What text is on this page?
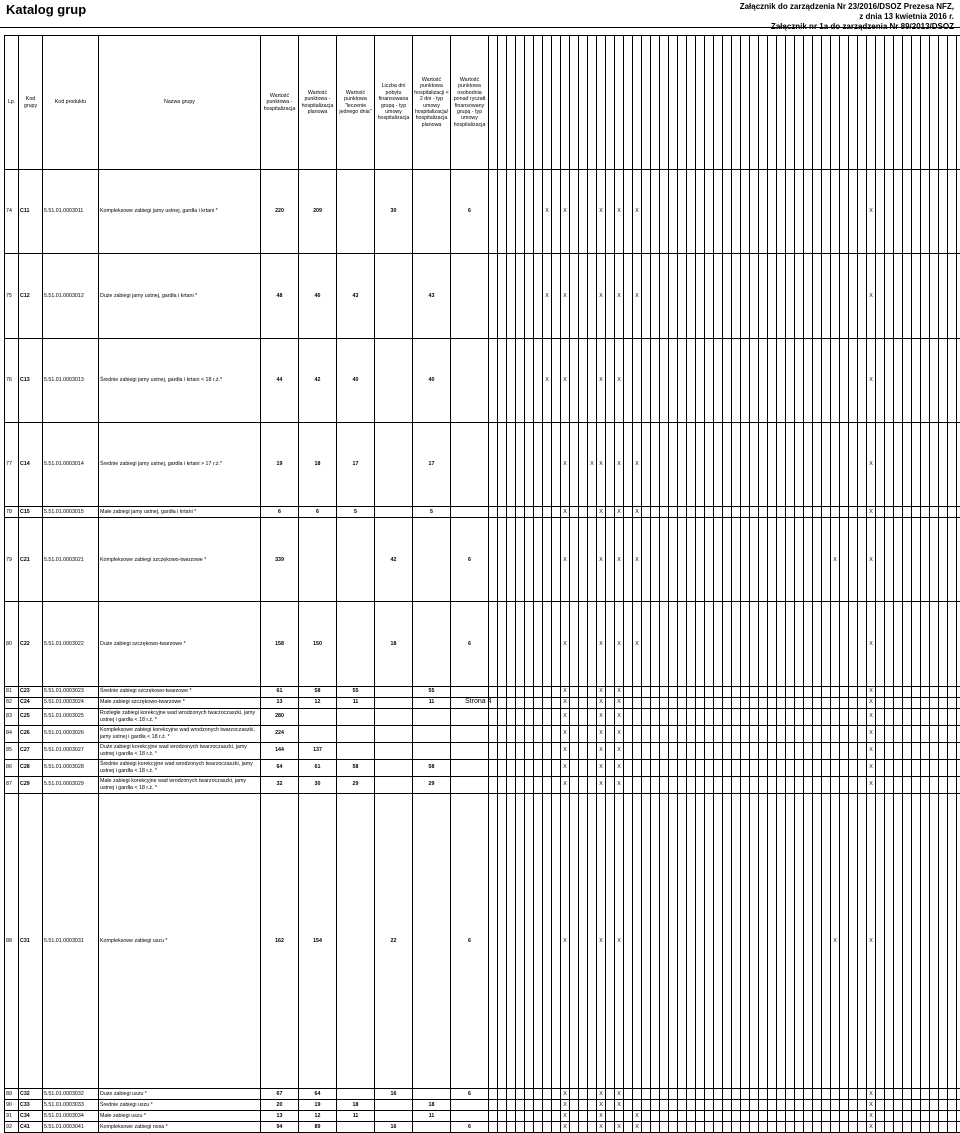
Katalog grup	Załącznik do zarządzenia Nr 23/2016/DSOZ Prezesa NFZ,
z dnia 13 kwietnia 2016 r.
Załącznik nr 1a do zarządzenia Nr 89/2013/DSOZ
Lp.	Kod grupy	Kod produktu	Nazwa grupy	Wartość punktowa - hospitalizacja	Wartość punktowa - hospitalizacja planowa	Wartość punktowa "leczenie jednego dnia"	Liczba dni pobytu finansowana grupą - typ umowy hospitalizacja	Wartość punktowa hospitalizacji < 2 dni - typ umowy hospitalizacja/ hospitalizacja planowa	Wartość punktowa osobodnia ponad ryczałt finansowany grupą - typ umowy hospitalizacja																																																						
74	C11	5.51.01.0003011	Kompleksowe zabiegi jamy ustnej, gardła i krtani *	220	209		30		6							X		X				X		X		X																										X											
75	C12	5.51.01.0003012	Duże zabiegi jamy ustnej, gardła i krtani *	48	46	43		43								X		X				X		X		X																										X											
76	C13	5.51.01.0003013	Średnie zabiegi jamy ustnej, gardła i krtani < 18 r.ż.*	44	42	40		40								X		X				X		X																												X											
77	C14	5.51.01.0003014	Średnie zabiegi jamy ustnej, gardła i krtani > 17 r.ż.*	19	18	17		17										X			X	X		X		X																										X											
78	C15	5.51.01.0003015	Małe zabiegi jamy ustnej, gardła i krtani *	6	6	5		5										X				X		X		X																										X											
79	C21	5.51.01.0003021	Kompleksowe zabiegi szczękowo-twarzowe *	339			42		6									X				X		X		X																						X				X											
80	C22	5.51.01.0003022	Duże zabiegi szczękowo-twarzowe *	158	150		18		6									X				X		X		X																										X											
81	C23	5.51.01.0003023	Średnie zabiegi szczękowo-twarzowe *	61	58	55		55										X				X		X																												X											
82	C24	5.51.01.0003024	Małe zabiegi szczękowo-twarzowe *	13	12	11		11										X				X		X																												X											
83	C25	5.51.01.0003025	Rozległe zabiegi korekcyjne wad wrodzonych twarzoczaszki, jamy ustnej i gardła < 18 r.ż. *	280														X				X		X																												X											
84	C26	5.51.01.0003026	Kompleksowe zabiegi korekcyjne wad wrodzonych twarzoczaszki, jamy ustnej i gardła < 18 r.ż. *	224														X				X		X																												X											
85	C27	5.51.01.0003027	Duże zabiegi korekcyjne wad wrodzonych twarzoczaszki, jamy ustnej i gardła < 18 r.ż. *	144	137													X				X		X																												X											
86	C28	5.51.01.0003028	Średnie zabiegi korekcyjne wad wrodzonych twarzoczaszki, jamy ustnej i gardła < 18 r.ż. *	64	61	58		58										X				X		X																												X											
87	C29	5.51.01.0003029	Małe zabiegi korekcyjne wad wrodzonych twarzoczaszki, jamy ustnej i gardła < 18 r.ż. *	32	30	29		29										X				X		X																												X											
88	C31	5.51.01.0003031	Kompleksowe zabiegi uszu *	162	154		22		6									X				X		X																								X				X											
89	C32	5.51.01.0003032	Duże zabiegi uszu *	67	64		16		6									X				X		X																												X											
90	C33	5.51.01.0003033	Średnie zabiegi uszu *	20	19	18		18										X				X		X																												X											
91	C34	5.51.01.0003034	Małe zabiegi uszu *	13	12	11		11										X				X				X																										X											
92	C41	5.51.01.0003041	Kompleksowe zabiegi nosa *	94	89		16		6									X				X		X		X																										X											
Strona 4
